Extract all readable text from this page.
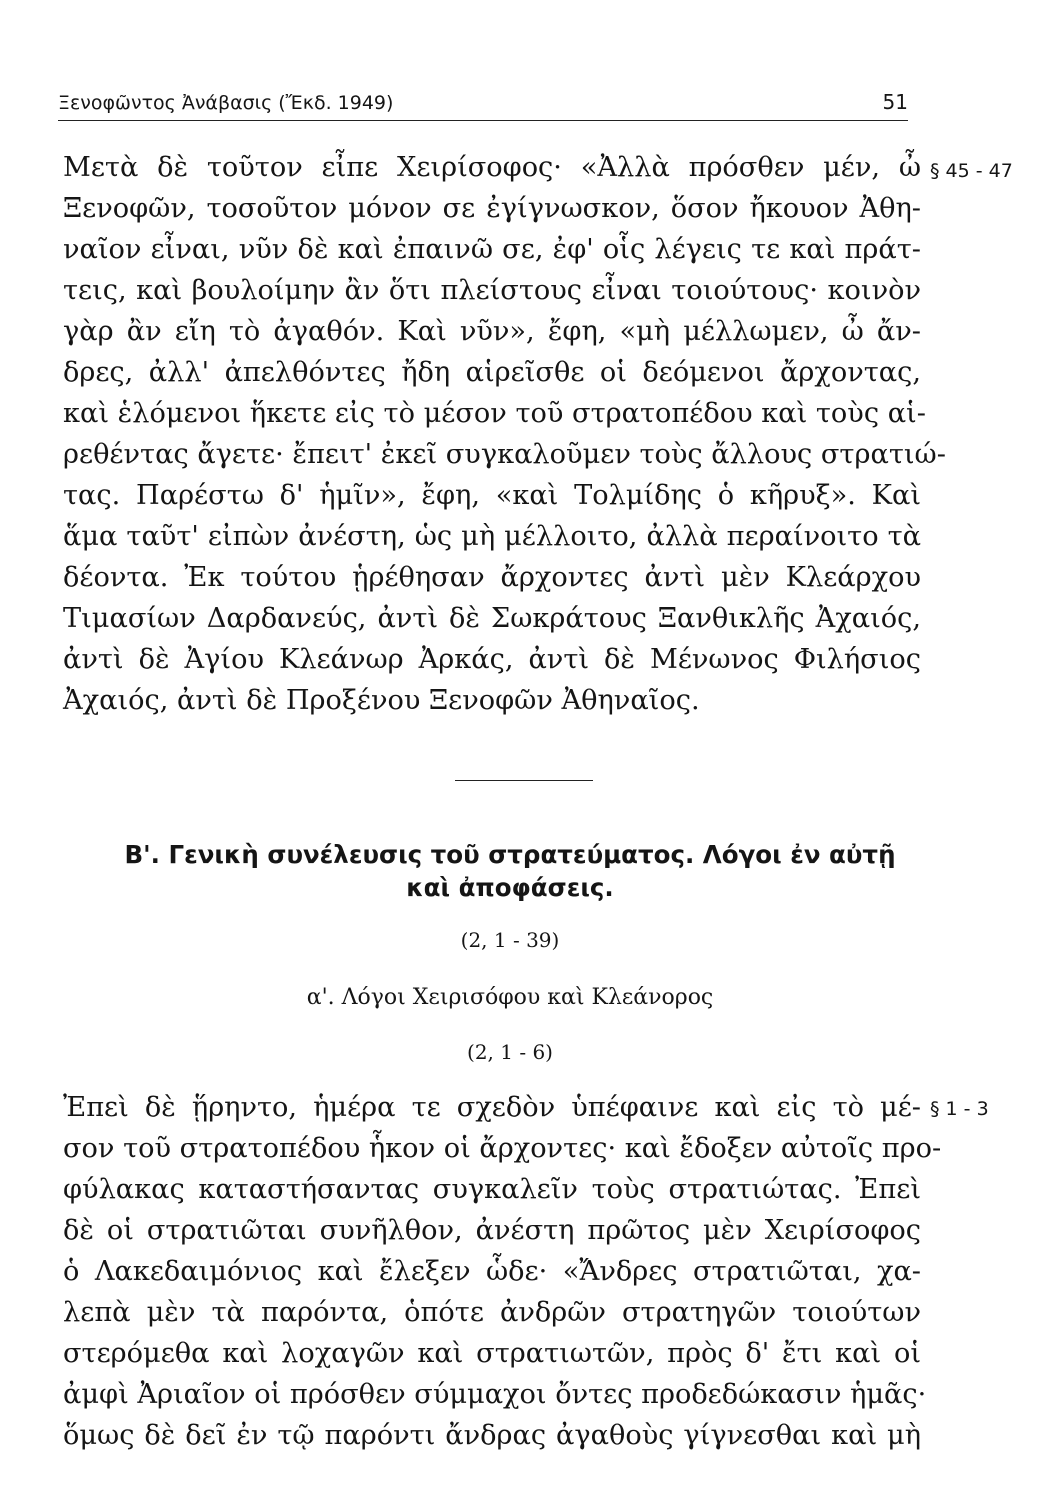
Ξενοφῶντος Ἀνάβασις (Ἔκδ. 1949)	51
§ 45 - 47
Μετὰ δὲ τοῦτον εἶπε Χειρίσοφος· «Ἀλλὰ πρόσθεν μέν, ὦ
Ξενοφῶν, τοσοῦτον μόνον σε ἐγίγνωσκον, ὅσον ἤκουον Ἀθη-
ναῖον εἶναι, νῦν δὲ καὶ ἐπαινῶ σε, ἐφ' οἷς λέγεις τε καὶ πράτ-
τεις, καὶ βουλοίμην ἂν ὅτι πλείστους εἶναι τοιούτους· κοινὸν
γὰρ ἂν εἴη τὸ ἀγαθόν. Καὶ νῦν», ἔφη, «μὴ μέλλωμεν, ὦ ἄν-
δρες, ἀλλ' ἀπελθόντες ἤδη αἱρεῖσθε οἱ δεόμενοι ἄρχοντας,
καὶ ἑλόμενοι ἥκετε εἰς τὸ μέσον τοῦ στρατοπέδου καὶ τοὺς αἱ-
ρεθέντας ἄγετε· ἔπειτ' ἐκεῖ συγκαλοῦμεν τοὺς ἄλλους στρατιώ-
τας. Παρέστω δ' ἡμῖν», ἔφη, «καὶ Τολμίδης ὁ κῆρυξ». Καὶ
ἅμα ταῦτ' εἰπὼν ἀνέστη, ὡς μὴ μέλλοιτο, ἀλλὰ περαίνοιτο τὰ
δέοντα. Ἐκ τούτου ᾑρέθησαν ἄρχοντες ἀντὶ μὲν Κλεάρχου
Τιμασίων Δαρδανεύς, ἀντὶ δὲ Σωκράτους Ξανθικλῆς Ἀχαιός,
ἀντὶ δὲ Ἀγίου Κλεάνωρ Ἀρκάς, ἀντὶ δὲ Μένωνος Φιλήσιος
Ἀχαιός, ἀντὶ δὲ Προξένου Ξενοφῶν Ἀθηναῖος.
Β'. Γενικὴ συνέλευσις τοῦ στρατεύματος. Λόγοι ἐν αὐτῇ
καὶ ἀποφάσεις.
(2, 1 - 39)
α'. Λόγοι Χειρισόφου καὶ Κλεάνορος
(2, 1 - 6)
§ 1 - 3
Ἐπεὶ δὲ ᾕρηντο, ἡμέρα τε σχεδὸν ὑπέφαινε καὶ εἰς τὸ μέ-
σον τοῦ στρατοπέδου ἧκον οἱ ἄρχοντες· καὶ ἔδοξεν αὐτοῖς προ-
φύλακας καταστήσαντας συγκαλεῖν τοὺς στρατιώτας. Ἐπεὶ
δὲ οἱ στρατιῶται συνῆλθον, ἀνέστη πρῶτος μὲν Χειρίσοφος
ὁ Λακεδαιμόνιος καὶ ἔλεξεν ὧδε· «Ἄνδρες στρατιῶται, χα-
λεπὰ μὲν τὰ παρόντα, ὁπότε ἀνδρῶν στρατηγῶν τοιούτων
στερόμεθα καὶ λοχαγῶν καὶ στρατιωτῶν, πρὸς δ' ἔτι καὶ οἱ
ἀμφὶ Ἀριαῖον οἱ πρόσθεν σύμμαχοι ὄντες προδεδώκασιν ἡμᾶς·
ὅμως δὲ δεῖ ἐν τῷ παρόντι ἄνδρας ἀγαθοὺς γίγνεσθαι καὶ μὴ
